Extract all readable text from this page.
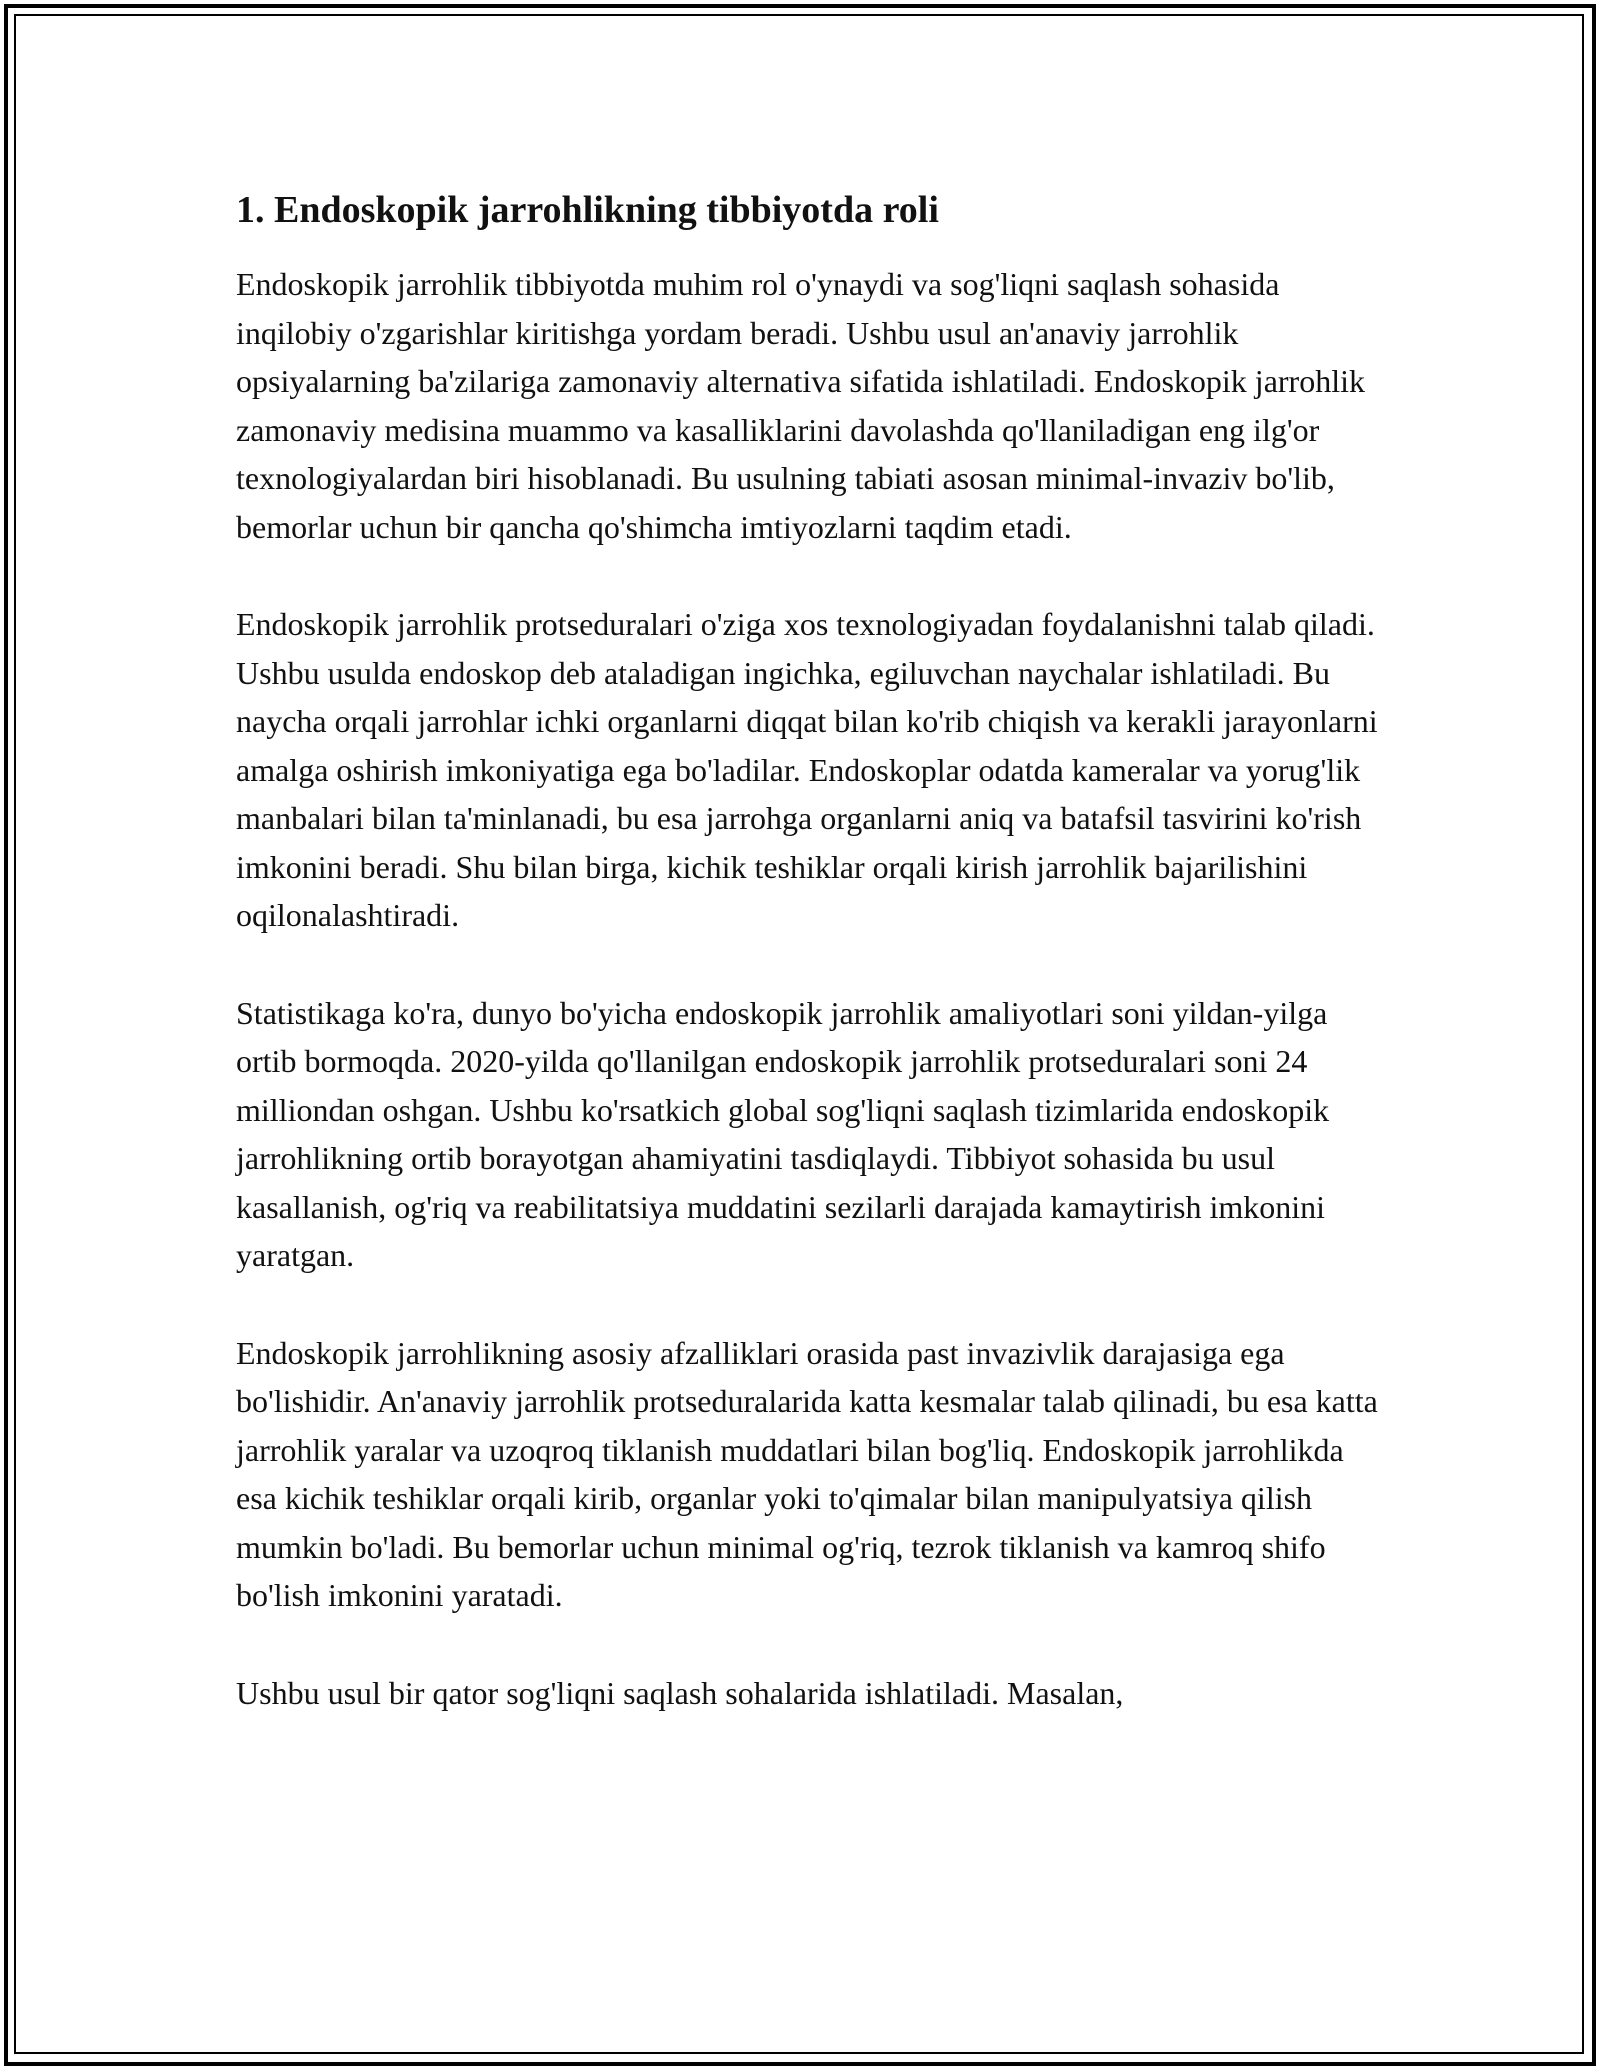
1. Endoskopik jarrohlikning tibbiyotda roli

Endoskopik jarrohlik tibbiyotda muhim rol o'ynaydi va sog'liqni saqlash sohasida inqilobiy o'zgarishlar kiritishga yordam beradi. Ushbu usul an'anaviy jarrohlik opsiyalarning ba'zilariga zamonaviy alternativa sifatida ishlatiladi. Endoskopik jarrohlik zamonaviy medisina muammo va kasalliklarini davolashda qo'llaniladigan eng ilg'or texnologiyalardan biri hisoblanadi. Bu usulning tabiati asosan minimal-invaziv bo'lib, bemorlar uchun bir qancha qo'shimcha imtiyozlarni taqdim etadi.

Endoskopik jarrohlik protseduralari o'ziga xos texnologiyadan foydalanishni talab qiladi. Ushbu usulda endoskop deb ataladigan ingichka, egiluvchan naychalar ishlatiladi. Bu naycha orqali jarrohlar ichki organlarni diqqat bilan ko'rib chiqish va kerakli jarayonlarni amalga oshirish imkoniyatiga ega bo'ladilar. Endoskoplar odatda kameralar va yorug'lik manbalari bilan ta'minlanadi, bu esa jarrohga organlarni aniq va batafsil tasvirini ko'rish imkonini beradi. Shu bilan birga, kichik teshiklar orqali kirish jarrohlik bajarilishini oqilonalashtiradi.

Statistikaga ko'ra, dunyo bo'yicha endoskopik jarrohlik amaliyotlari soni yildan-yilga ortib bormoqda. 2020-yilda qo'llanilgan endoskopik jarrohlik protseduralari soni 24 milliondan oshgan. Ushbu ko'rsatkich global sog'liqni saqlash tizimlarida endoskopik jarrohlikning ortib borayotgan ahamiyatini tasdiqlaydi. Tibbiyot sohasida bu usul kasallanish, og'riq va reabilitatsiya muddatini sezilarli darajada kamaytirish imkonini yaratgan.

Endoskopik jarrohlikning asosiy afzalliklari orasida past invazivlik darajasiga ega bo'lishidir. An'anaviy jarrohlik protseduralarida katta kesmalar talab qilinadi, bu esa katta jarrohlik yaralar va uzoqroq tiklanish muddatlari bilan bog'liq. Endoskopik jarrohlikda esa kichik teshiklar orqali kirib, organlar yoki to'qimalar bilan manipulyatsiya qilish mumkin bo'ladi. Bu bemorlar uchun minimal og'riq, tezrok tiklanish va kamroq shifo bo'lish imkonini yaratadi.

Ushbu usul bir qator sog'liqni saqlash sohalarida ishlatiladi. Masalan,
